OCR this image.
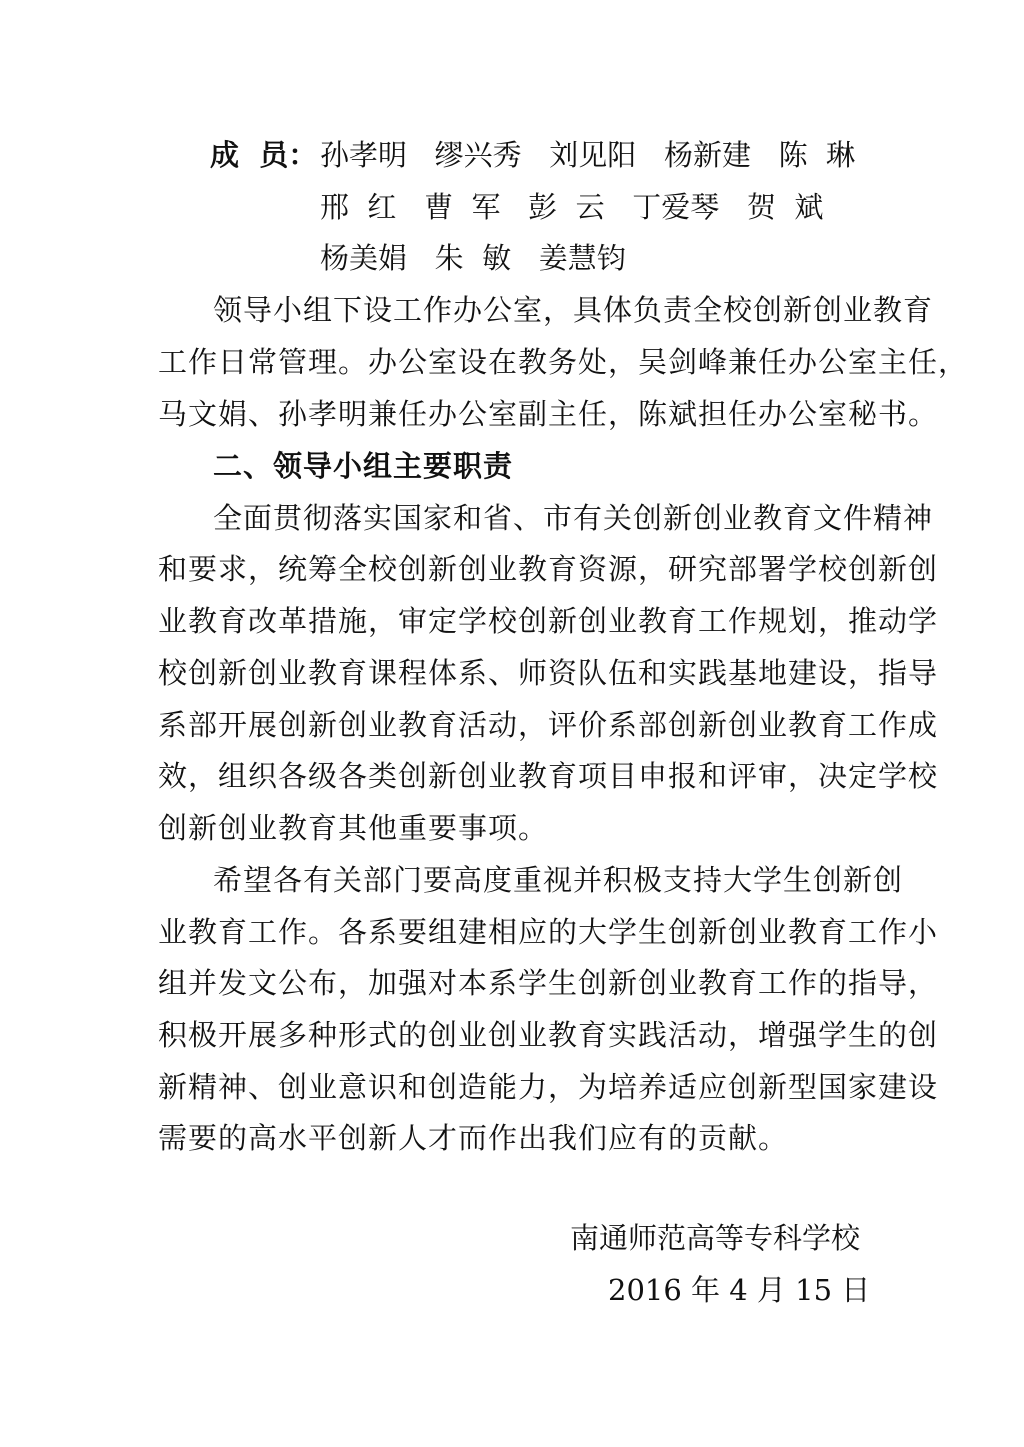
成  员： 孙孝明   缪兴秀   刘见阳   杨新建   陈  琳
邢  红   曹  军   彭  云   丁爱琴   贺  斌
杨美娟   朱  敏   姜慧钧
领导小组下设工作办公室，具体负责全校创新创业教育
工作日常管理。办公室设在教务处，吴剑峰兼任办公室主任，
马文娟、孙孝明兼任办公室副主任，陈斌担任办公室秘书。
二、领导小组主要职责
全面贯彻落实国家和省、市有关创新创业教育文件精神
和要求，统筹全校创新创业教育资源，研究部署学校创新创
业教育改革措施，审定学校创新创业教育工作规划，推动学
校创新创业教育课程体系、师资队伍和实践基地建设，指导
系部开展创新创业教育活动，评价系部创新创业教育工作成
效，组织各级各类创新创业教育项目申报和评审，决定学校
创新创业教育其他重要事项。
希望各有关部门要高度重视并积极支持大学生创新创
业教育工作。各系要组建相应的大学生创新创业教育工作小
组并发文公布，加强对本系学生创新创业教育工作的指导，
积极开展多种形式的创业创业教育实践活动，增强学生的创
新精神、创业意识和创造能力，为培养适应创新型国家建设
需要的高水平创新人才而作出我们应有的贡献。
南通师范高等专科学校
2016 年 4 月 15 日
